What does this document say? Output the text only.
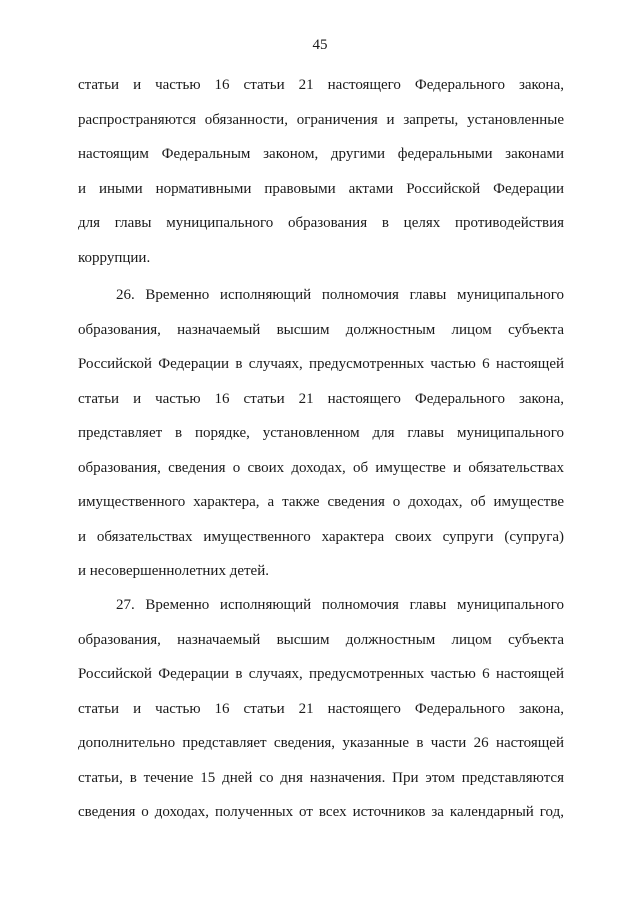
45
статьи и частью 16 статьи 21 настоящего Федерального закона,
распространяются обязанности, ограничения и запреты, установленные
настоящим Федеральным законом, другими федеральными законами
и иными нормативными правовыми актами Российской Федерации
для главы муниципального образования в целях противодействия
коррупции.
26. Временно исполняющий полномочия главы муниципального
образования, назначаемый высшим должностным лицом субъекта
Российской Федерации в случаях, предусмотренных частью 6 настоящей
статьи и частью 16 статьи 21 настоящего Федерального закона,
представляет в порядке, установленном для главы муниципального
образования, сведения о своих доходах, об имуществе и обязательствах
имущественного характера, а также сведения о доходах, об имуществе
и обязательствах имущественного характера своих супруги (супруга)
и несовершеннолетних детей.
27. Временно исполняющий полномочия главы муниципального
образования, назначаемый высшим должностным лицом субъекта
Российской Федерации в случаях, предусмотренных частью 6 настоящей
статьи и частью 16 статьи 21 настоящего Федерального закона,
дополнительно представляет сведения, указанные в части 26 настоящей
статьи, в течение 15 дней со дня назначения. При этом представляются
сведения о доходах, полученных от всех источников за календарный год,
